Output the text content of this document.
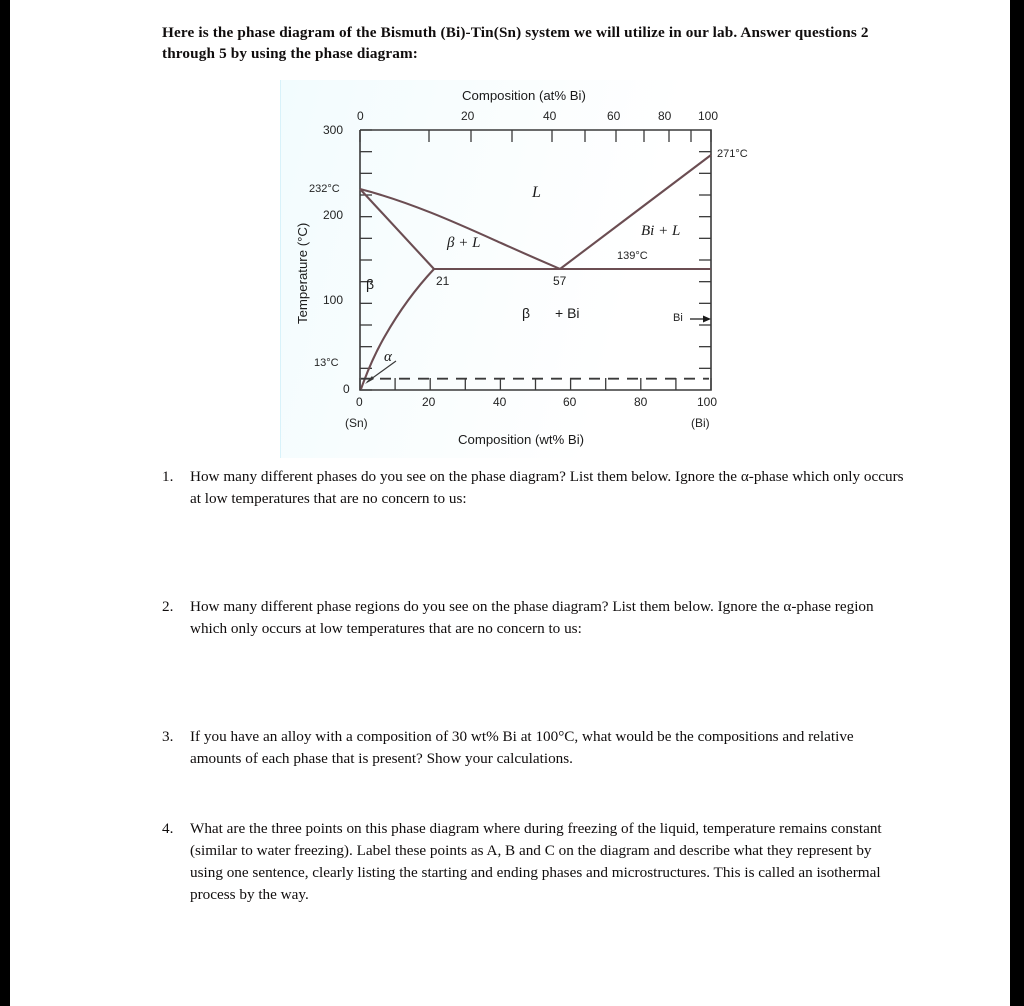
Here is the phase diagram of the Bismuth (Bi)-Tin(Sn) system we will utilize in our lab. Answer questions 2 through 5 by using the phase diagram:
Composition (at% Bi)
Composition (wt% Bi)
Temperature (°C)
0	20	40	60	80 100
300
232°C
200
100
13°C
0
0	20	40	60	80	100
(Sn)	(Bi)
L
β + L
Bi + L
β
α
β + Bi	Bi
21	57
139°C
271°C
1.	How many different phases do you see on the phase diagram? List them below. Ignore the α-phase which only occurs at low temperatures that are no concern to us:
2.	How many different phase regions do you see on the phase diagram? List them below. Ignore the α-phase region which only occurs at low temperatures that are no concern to us:
3.	If you have an alloy with a composition of 30 wt% Bi at 100°C, what would be the compositions and relative amounts of each phase that is present? Show your calculations.
4.	What are the three points on this phase diagram where during freezing of the liquid, temperature remains constant (similar to water freezing). Label these points as A, B and C on the diagram and describe what they represent by using one sentence, clearly listing the starting and ending phases and microstructures. This is called an isothermal process by the way.
